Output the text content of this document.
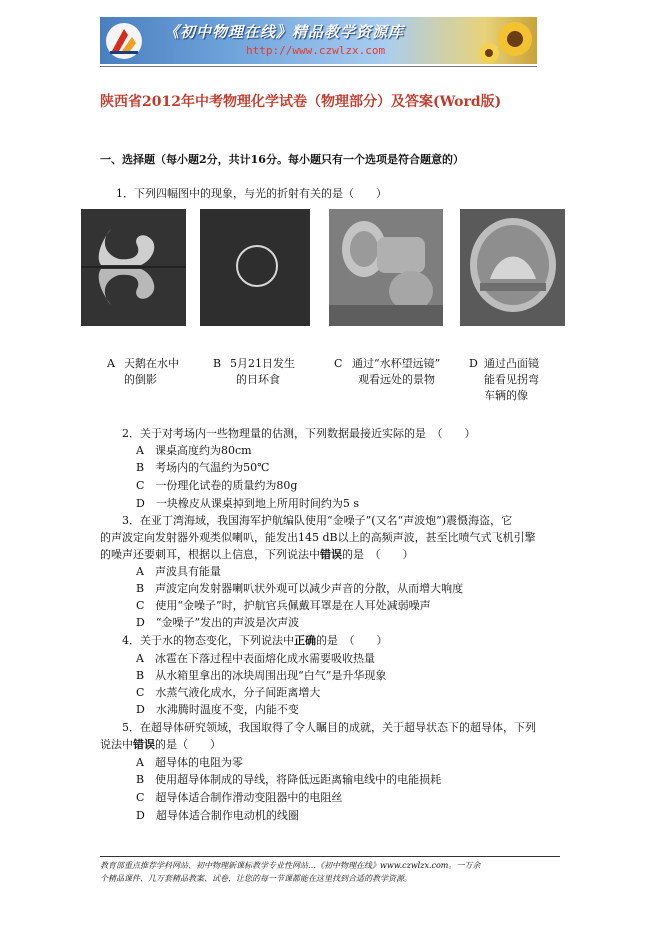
《初中物理在线》精品教学资源库
http://www.czwlzx.com
陕西省2012年中考物理化学试卷（物理部分）及答案(Word版)
一、选择题（每小题2分，共计16分。每小题只有一个选项是符合题意的）
1．下列四幅图中的现象，与光的折射有关的是（　　）
A 天鹅在水中
的倒影
B 5月21日发生
的日环食
C 通过“水杯望远镜”
观看远处的景物
D 通过凸面镜
能看见拐弯
车辆的像
2．关于对考场内一些物理量的估测，下列数据最接近实际的是　（　　）
A　课桌高度约为80cm
B　考场内的气温约为50℃
C　一份理化试卷的质量约为80g
D　一块橡皮从课桌掉到地上所用时间约为5 s
3．在亚丁湾海域，我国海军护航编队使用“金噪子”(又名“声波炮”)震慑海盗，它
的声波定向发射器外观类似喇叭，能发出145 dB以上的高频声波，甚至比喷气式飞机引擎
的噪声还要刺耳，根据以上信息，下列说法中错误的是　（　　）
A　声波具有能量
B　声波定向发射器喇叭状外观可以减少声音的分散，从而增大响度
C　使用“金噪子”时，护航官兵佩戴耳罩是在人耳处减弱噪声
D　“金噪子”发出的声波是次声波
4．关于水的物态变化，下列说法中正确的是　（　　）
A　冰雹在下落过程中表面熔化成水需要吸收热量
B　从水箱里拿出的冰块周围出现“白气”是升华现象
C　水蒸气液化成水，分子间距离增大
D　水沸腾时温度不变，内能不变
5．在超导体研究领域，我国取得了令人瞩目的成就，关于超导状态下的超导体，下列
说法中错误的是（　　）
A　超导体的电阻为零
B　使用超导体制成的导线，将降低远距离输电线中的电能损耗
C　超导体适合制作滑动变阻器中的电阻丝
D　超导体适合制作电动机的线圈
教育部重点推荐学科网站、初中物理新课标教学专业性网站…《初中物理在线》www.czwlzx.com。一万余
个精品课件、几万套精品教案、试卷，让您的每一节课都能在这里找到合适的教学资源。
